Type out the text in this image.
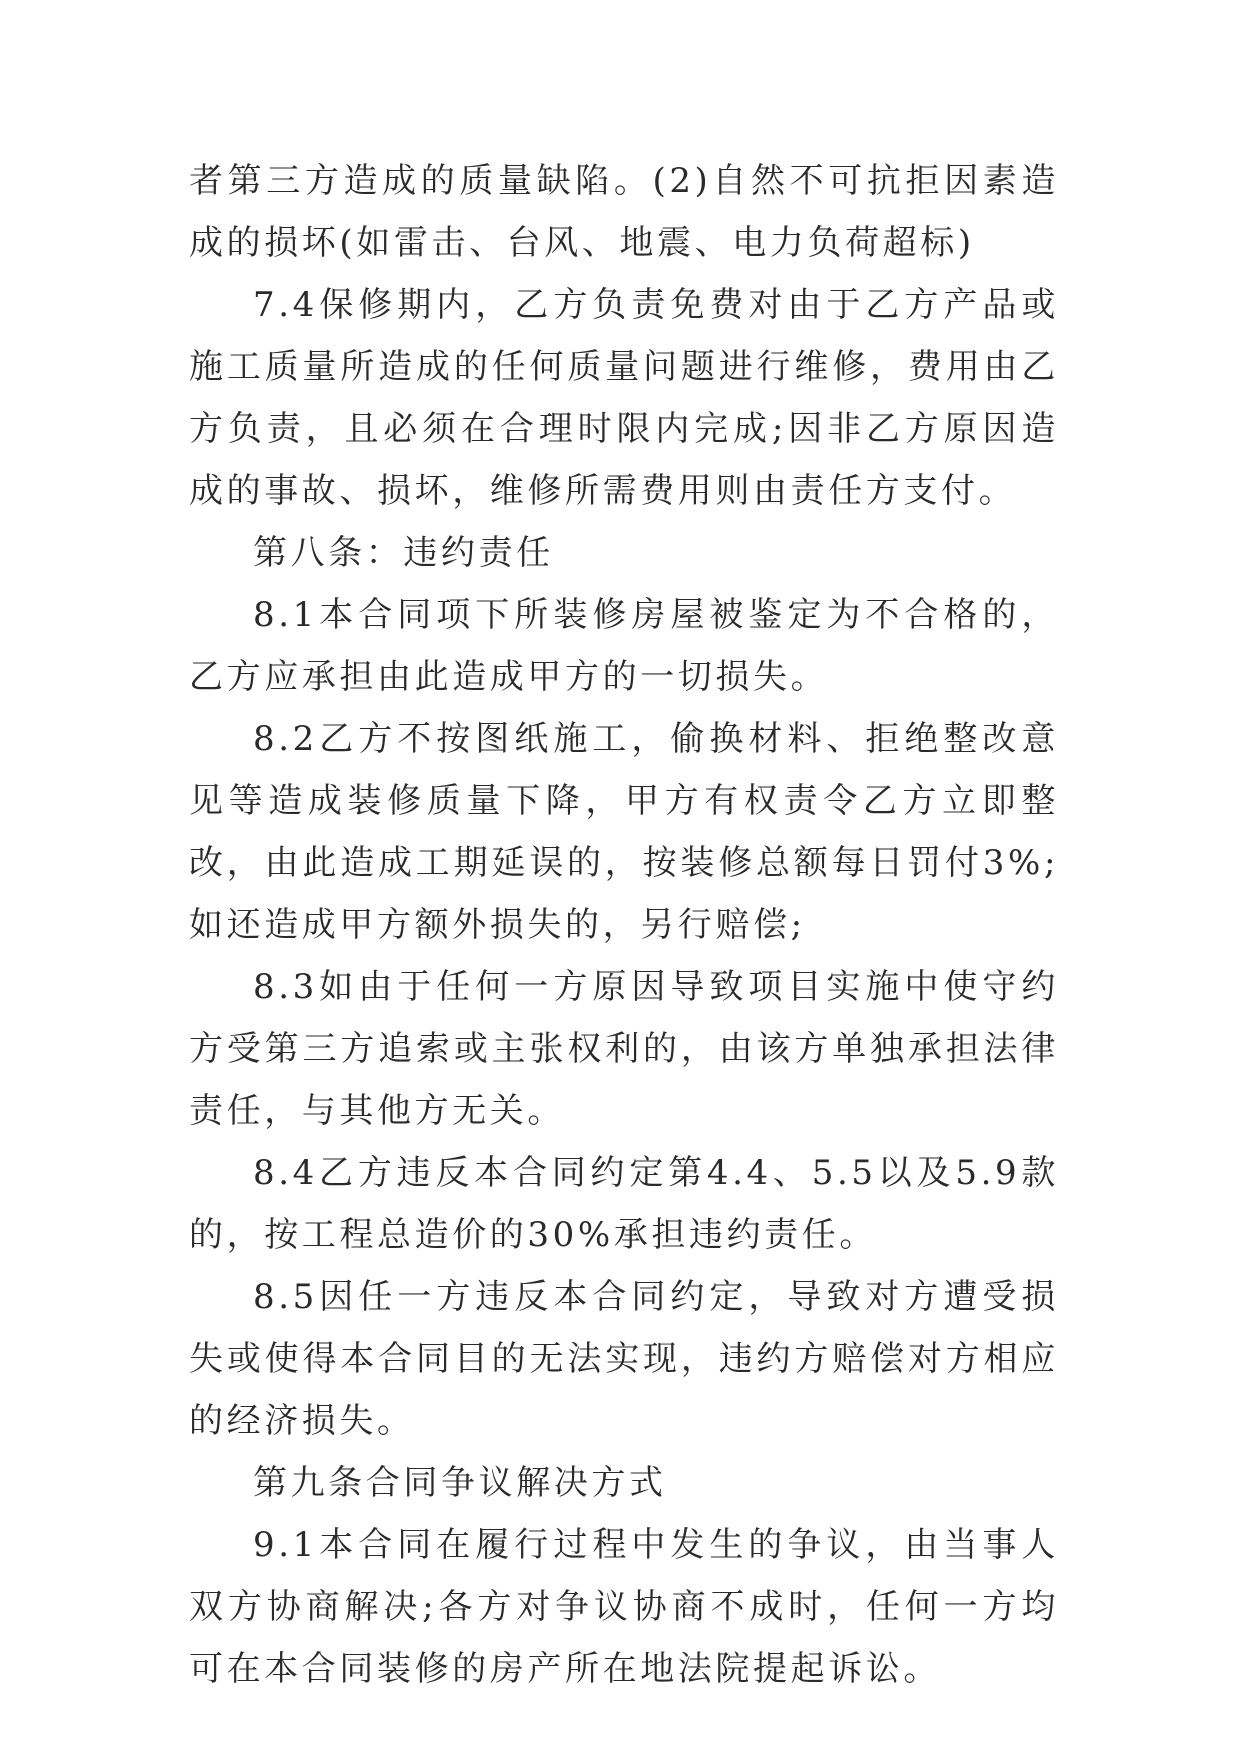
者第三方造成的质量缺陷。(2)自然不可抗拒因素造成的损坏(如雷击、台风、地震、电力负荷超标)

7.4保修期内，乙方负责免费对由于乙方产品或施工质量所造成的任何质量问题进行维修，费用由乙方负责，且必须在合理时限内完成;因非乙方原因造成的事故、损坏，维修所需费用则由责任方支付。

第八条：违约责任

8.1本合同项下所装修房屋被鉴定为不合格的，乙方应承担由此造成甲方的一切损失。

8.2乙方不按图纸施工，偷换材料、拒绝整改意见等造成装修质量下降，甲方有权责令乙方立即整改，由此造成工期延误的，按装修总额每日罚付3%;如还造成甲方额外损失的，另行赔偿;

8.3如由于任何一方原因导致项目实施中使守约方受第三方追索或主张权利的，由该方单独承担法律责任，与其他方无关。

8.4乙方违反本合同约定第4.4、5.5以及5.9款的，按工程总造价的30%承担违约责任。

8.5因任一方违反本合同约定，导致对方遭受损失或使得本合同目的无法实现，违约方赔偿对方相应的经济损失。

第九条合同争议解决方式

9.1本合同在履行过程中发生的争议，由当事人双方协商解决;各方对争议协商不成时，任何一方均可在本合同装修的房产所在地法院提起诉讼。
